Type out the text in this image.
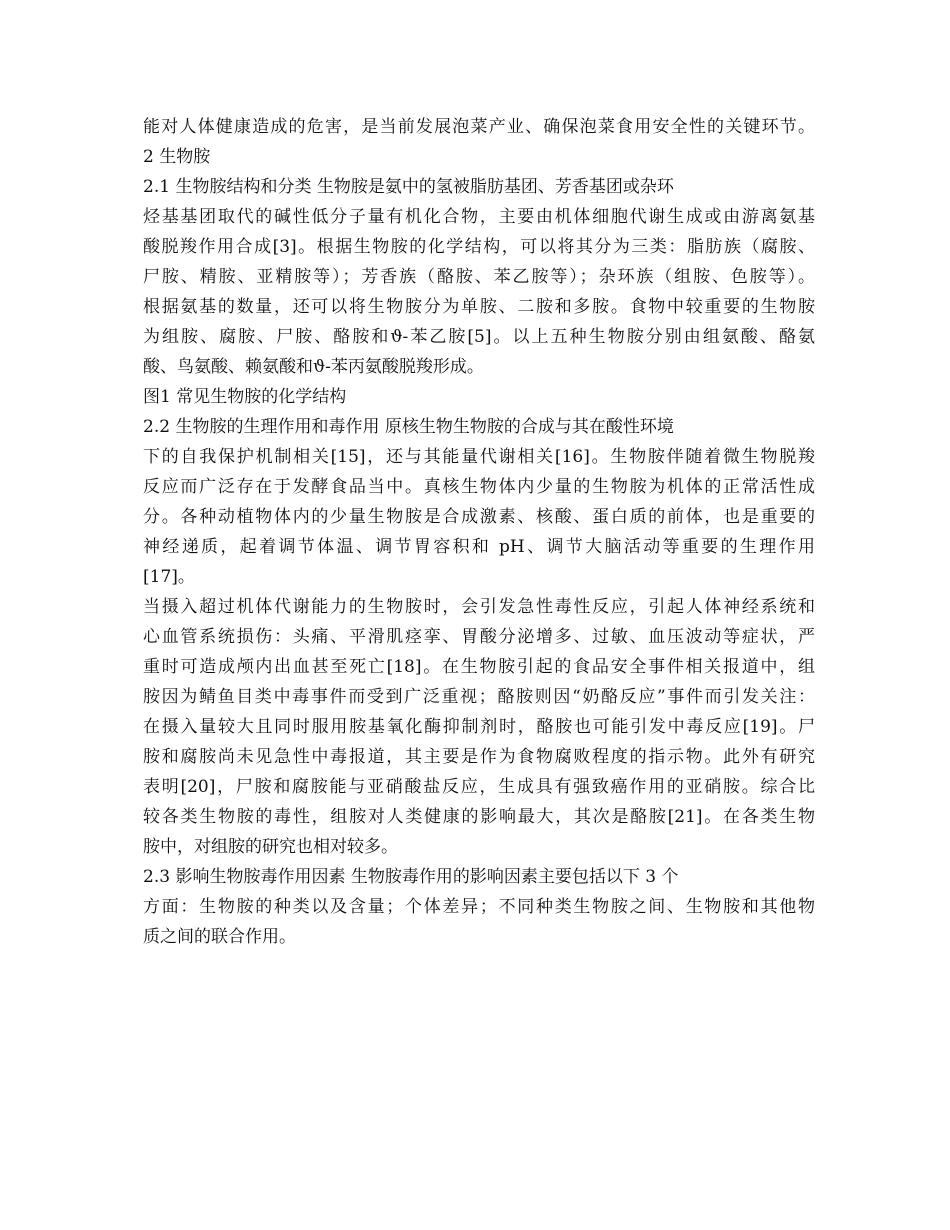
能对人体健康造成的危害，是当前发展泡菜产业、确保泡菜食用安全性的关键环节。
2 生物胺
2.1 生物胺结构和分类 生物胺是氨中的氢被脂肪基团、芳香基团或杂环
烃基基团取代的碱性低分子量有机化合物，主要由机体细胞代谢生成或由游离氨基
酸脱羧作用合成[3]。根据生物胺的化学结构，可以将其分为三类：脂肪族（腐胺、
尸胺、精胺、亚精胺等）；芳香族（酪胺、苯乙胺等）；杂环族（组胺、色胺等）。
根据氨基的数量，还可以将生物胺分为单胺、二胺和多胺。食物中较重要的生物胺
为组胺、腐胺、尸胺、酪胺和ϑ-苯乙胺[5]。以上五种生物胺分别由组氨酸、酪氨
酸、鸟氨酸、赖氨酸和ϑ-苯丙氨酸脱羧形成。
图1 常见生物胺的化学结构
2.2 生物胺的生理作用和毒作用 原核生物生物胺的合成与其在酸性环境
下的自我保护机制相关[15]，还与其能量代谢相关[16]。生物胺伴随着微生物脱羧
反应而广泛存在于发酵食品当中。真核生物体内少量的生物胺为机体的正常活性成
分。各种动植物体内的少量生物胺是合成激素、核酸、蛋白质的前体，也是重要的
神经递质，起着调节体温、调节胃容积和 pH、调节大脑活动等重要的生理作用
[17]。
当摄入超过机体代谢能力的生物胺时，会引发急性毒性反应，引起人体神经系统和
心血管系统损伤：头痛、平滑肌痉挛、胃酸分泌增多、过敏、血压波动等症状，严
重时可造成颅内出血甚至死亡[18]。在生物胺引起的食品安全事件相关报道中，组
胺因为鲭鱼目类中毒事件而受到广泛重视；酪胺则因“奶酪反应”事件而引发关注：
在摄入量较大且同时服用胺基氧化酶抑制剂时，酪胺也可能引发中毒反应[19]。尸
胺和腐胺尚未见急性中毒报道，其主要是作为食物腐败程度的指示物。此外有研究
表明[20]，尸胺和腐胺能与亚硝酸盐反应，生成具有强致癌作用的亚硝胺。综合比
较各类生物胺的毒性，组胺对人类健康的影响最大，其次是酪胺[21]。在各类生物
胺中，对组胺的研究也相对较多。
2.3 影响生物胺毒作用因素 生物胺毒作用的影响因素主要包括以下 3 个
方面：生物胺的种类以及含量；个体差异；不同种类生物胺之间、生物胺和其他物
质之间的联合作用。
